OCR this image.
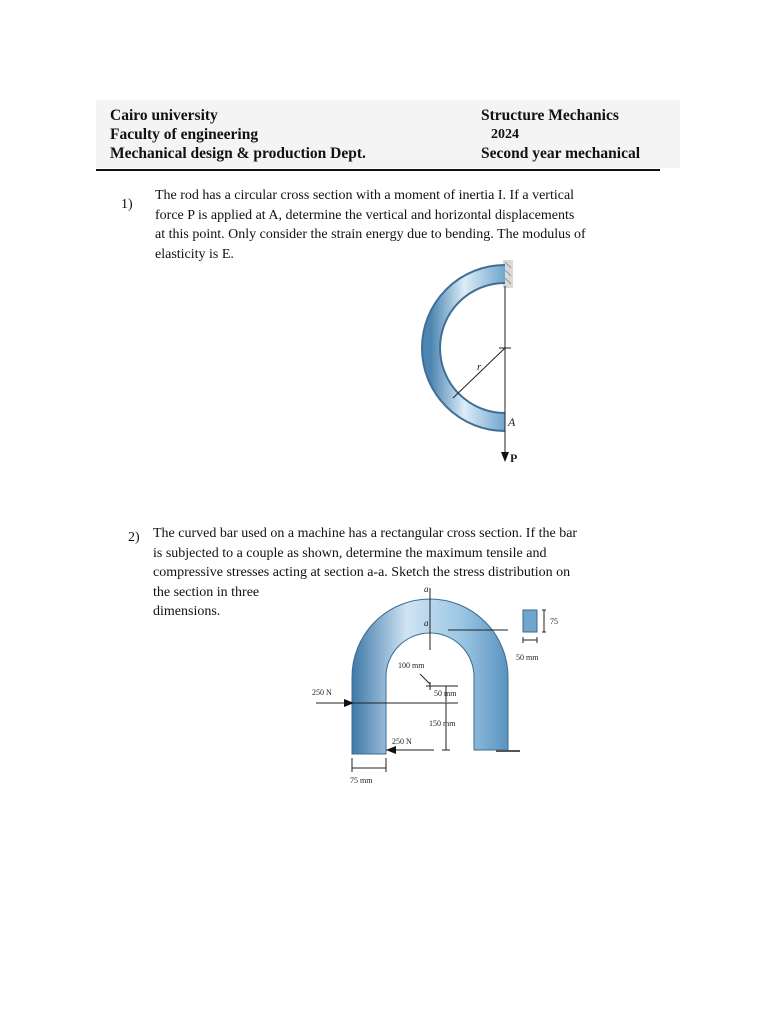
Cairo university
Faculty of engineering
Mechanical design & production Dept.
Structure Mechanics
2024
Second year mechanical
1)
The rod has a circular cross section with a moment of inertia I. If a vertical
force P is applied at A, determine the vertical and horizontal displacements
at this point. Only consider the strain energy due to bending. The modulus of
elasticity is E.
r
A
P
2) The curved bar used on a machine has a rectangular cross section. If the bar
is subjected to a couple as shown, determine the maximum tensile and
compressive stresses acting at section a-a. Sketch the stress distribution on
the section in three
dimensions.
a
a	75
50 mm
100 mm
50 mm
250 N
150 mm
250 N
75 mm
